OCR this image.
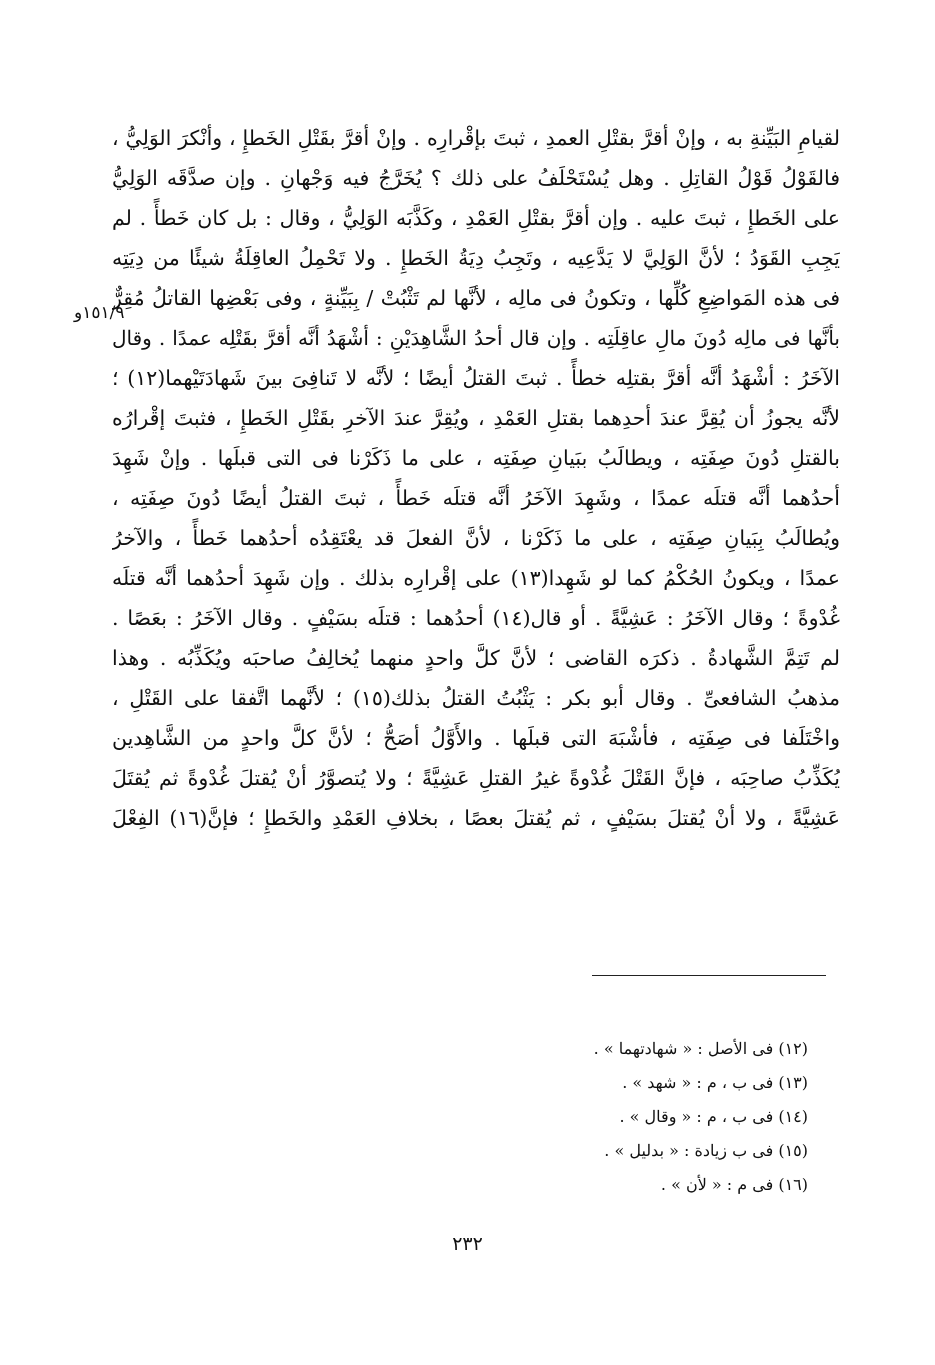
لقيامِ البَيِّنةِ به ، وإنْ أقرَّ بقتْلِ العمدِ ، ثبتَ بإقْرارِه . وإنْ أقرَّ بقَتْلِ الخَطإِ ، وأنْكرَ الوَلِيُّ ،
فالقَوْلُ قَوْلُ القاتِلِ . وهل يُسْتَحْلَفُ على ذلك ؟ يُخَرَّجُ فيه وَجْهانِ . وإن صدَّقَه الوَلِيُّ
على الخَطإِ ، ثبتَ عليه . وإن أقرَّ بقتْلِ العَمْدِ ، وكَذَّبَه الوَلِيُّ ، وقال : بل كان خَطأً . لم
يَجِبِ القَوَدُ ؛ لأنَّ الوَلِيَّ لا يَدَّعِيه ، وتَجِبُ دِيَةُ الخَطإِ . ولا تَحْمِلُ العاقِلَةُ شيئًا من دِيَتِه
فى هذه المَواضِعِ كُلِّها ، وتكونُ فى مالِه ، لأنَّها لم تَثْبُتْ / بِبَيِّنةٍ ، وفى بَعْضِها القاتلُ مُقِرٌّ
بأنَّها فى مالِه دُونَ مالِ عاقِلَتِه . وإن قال أحدُ الشَّاهِدَيْنِ : أشْهَدُ أنَّه أقرَّ بقَتْلِه عمدًا . وقال
الآخَرُ : أشْهَدُ أنَّه أقرَّ بقتلِه خطأً . ثبتَ القتلُ أيضًا ؛ لأنَّه لا تَنافِىَ بينَ شَهادَتَيْهما(١٢) ؛
لأنَّه يجوزُ أن يُقِرَّ عندَ أحدِهما بقتلِ العَمْدِ ، ويُقِرَّ عندَ الآخرِ بقَتْلِ الخَطإِ ، فثبتَ إقْرارُه
بالقتلِ دُونَ صِفَتِه ، ويطالَبُ ببَيانِ صِفَتِه ، على ما ذَكَرْنا فى التى قبلَها . وإنْ شَهِدَ
أحدُهما أنَّه قتلَه عمدًا ، وشَهِدَ الآخَرُ أنَّه قتلَه خَطأً ، ثبتَ القتلُ أيضًا دُونَ صِفَتِه ،
ويُطالَبُ بِبَيانِ صِفَتِه ، على ما ذَكَرْنا ، لأنَّ الفعلَ قد يعْتَقِدُه أحدُهما خَطأً ، والآخرُ
عمدًا ، ويكونُ الحُكْمُ كما لو شَهِدا(١٣) على إقْرارِه بذلك . وإن شَهِدَ أحدُهما أنَّه قتلَه
غُدْوةً ؛ وقال الآخَرُ : عَشِيَّةً . أو قال(١٤) أحدُهما : قتلَه بسَيْفٍ . وقال الآخَرُ : بعَصًا .
لم تَتِمَّ الشَّهادةُ . ذكرَه القاضى ؛ لأنَّ كلَّ واحدٍ منهما يُخالِفُ صاحبَه ويُكَذِّبُه . وهذا
مذهبُ الشافعىِّ . وقال أبو بكر : يَثْبُتُ القتلُ بذلك(١٥) ؛ لأنَّهما اتَّفقا على القَتْلِ ،
واخْتَلَفا فى صِفَتِه ، فأشْبَهَ التى قبلَها . والأَوَّلُ أصَحُّ ؛ لأنَّ كلَّ واحدٍ من الشَّاهِدين
يُكَذِّبُ صاحِبَه ، فإنَّ القَتْلَ غُدْوةً غيرُ القتلِ عَشِيَّةً ؛ ولا يُتصوَّرُ أنْ يُقتلَ غُدْوةً ثم يُقتَلَ
عَشِيَّةً ، ولا أنْ يُقتلَ بسَيْفٍ ، ثم يُقتلَ بعصًا ، بخلافِ العَمْدِ والخَطإِ ؛ فإنَّ(١٦) الفِعْلَ
١٥١/٩و
(١٢) فى الأصل : « شهادتهما » .
(١٣) فى ب ، م : « شهد » .
(١٤) فى ب ، م : « وقال » .
(١٥) فى ب زيادة : « بدليل » .
(١٦) فى م : « لأن » .
٢٣٢
